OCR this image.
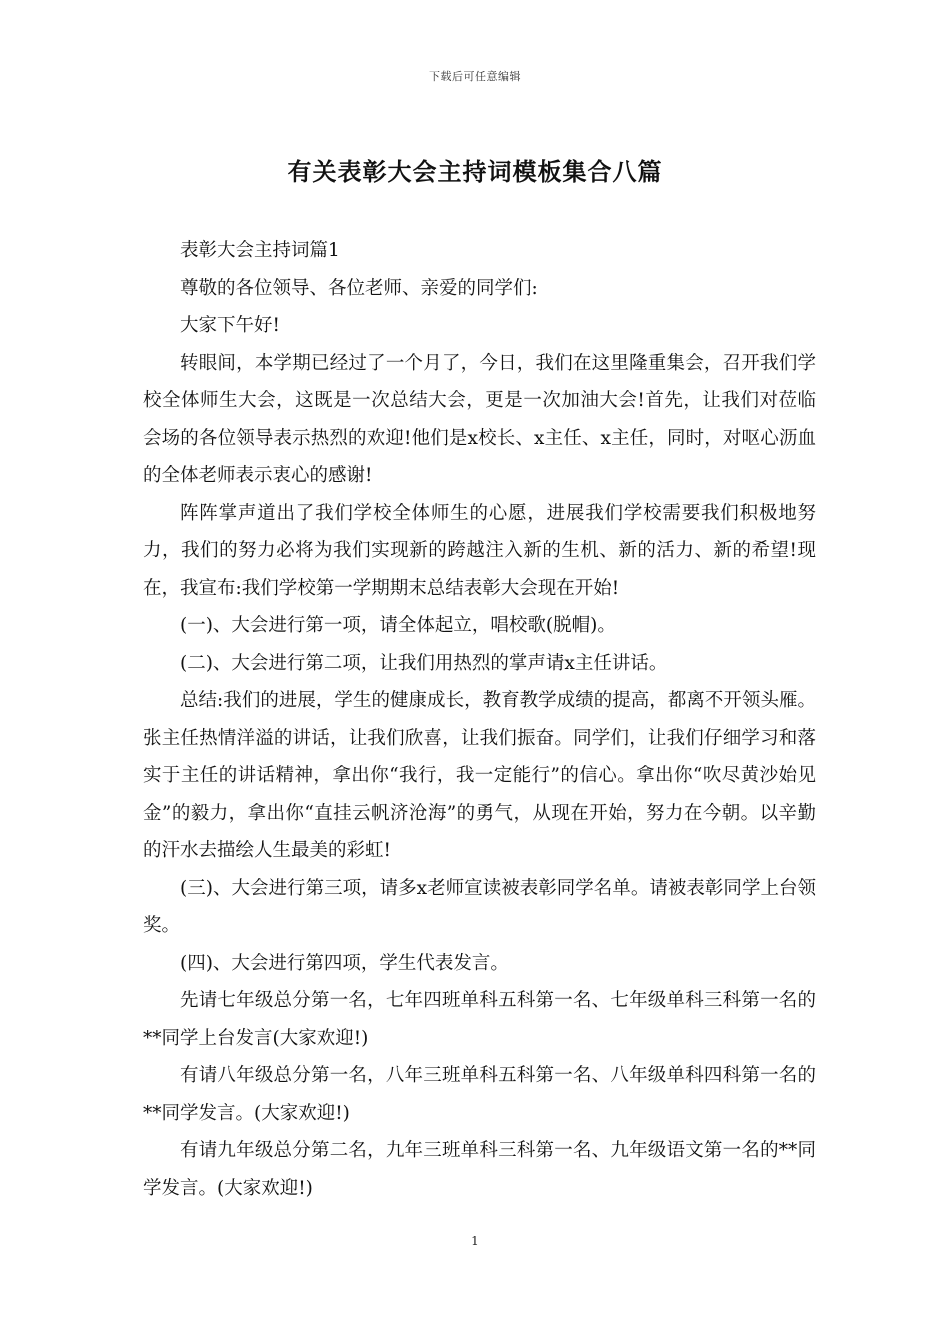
下载后可任意编辑
有关表彰大会主持词模板集合八篇

表彰大会主持词篇1

尊敬的各位领导、各位老师、亲爱的同学们:

大家下午好!

转眼间，本学期已经过了一个月了，今日，我们在这里隆重集会，召开我们学校全体师生大会，这既是一次总结大会，更是一次加油大会!首先，让我们对莅临会场的各位领导表示热烈的欢迎!他们是x校长、x主任、x主任，同时，对呕心沥血的全体老师表示衷心的感谢!

阵阵掌声道出了我们学校全体师生的心愿，进展我们学校需要我们积极地努力，我们的努力必将为我们实现新的跨越注入新的生机、新的活力、新的希望!现在，我宣布:我们学校第一学期期末总结表彰大会现在开始!

(一)、大会进行第一项，请全体起立，唱校歌(脱帽)。

(二)、大会进行第二项，让我们用热烈的掌声请x主任讲话。

总结:我们的进展，学生的健康成长，教育教学成绩的提高，都离不开领头雁。张主任热情洋溢的讲话，让我们欣喜，让我们振奋。同学们，让我们仔细学习和落实于主任的讲话精神，拿出你“我行，我一定能行”的信心。拿出你“吹尽黄沙始见金”的毅力，拿出你“直挂云帆济沧海”的勇气，从现在开始，努力在今朝。以辛勤的汗水去描绘人生最美的彩虹!

(三)、大会进行第三项，请多x老师宣读被表彰同学名单。请被表彰同学上台领奖。

(四)、大会进行第四项，学生代表发言。

先请七年级总分第一名，七年四班单科五科第一名、七年级单科三科第一名的**同学上台发言(大家欢迎!)

有请八年级总分第一名，八年三班单科五科第一名、八年级单科四科第一名的**同学发言。(大家欢迎!)

有请九年级总分第二名，九年三班单科三科第一名、九年级语文第一名的**同学发言。(大家欢迎!)

1
